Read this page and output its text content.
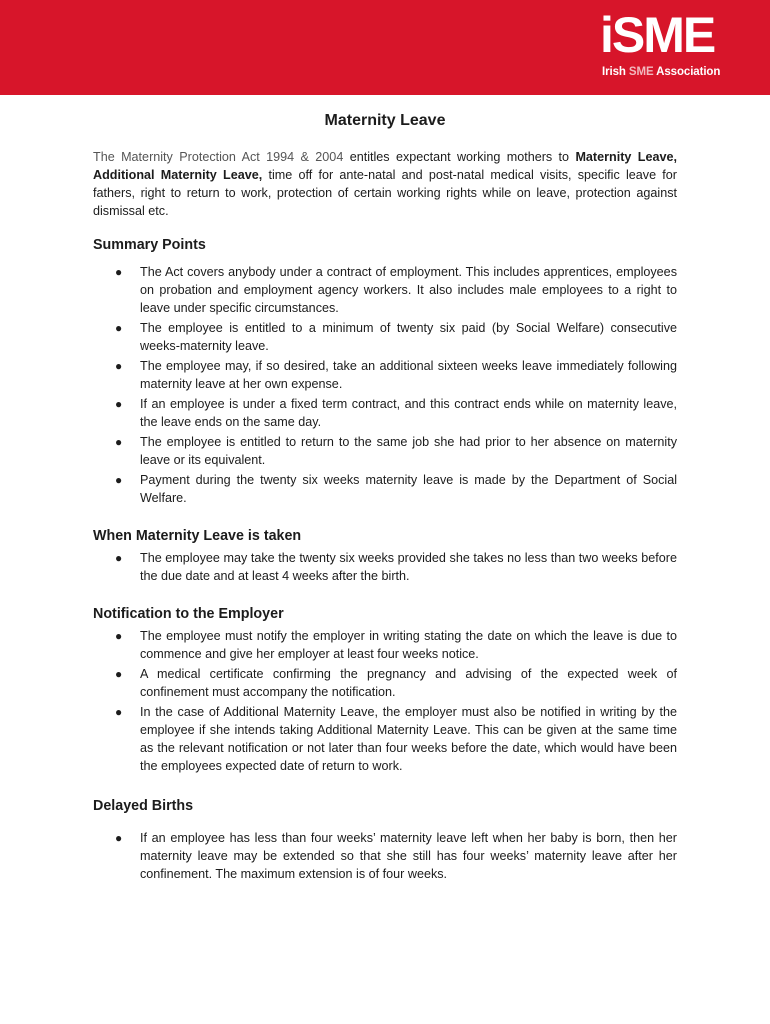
iSME
Irish SME Association
Maternity Leave

The Maternity Protection Act 1994 & 2004 entitles expectant working mothers to Maternity Leave, Additional Maternity Leave, time off for ante-natal and post-natal medical visits, specific leave for fathers, right to return to work, protection of certain working rights while on leave, protection against dismissal etc.

Summary Points
● The Act covers anybody under a contract of employment. This includes apprentices, employees on probation and employment agency workers. It also includes male employees to a right to leave under specific circumstances.
● The employee is entitled to a minimum of twenty six paid (by Social Welfare) consecutive weeks-maternity leave.
● The employee may, if so desired, take an additional sixteen weeks leave immediately following maternity leave at her own expense.
● If an employee is under a fixed term contract, and this contract ends while on maternity leave, the leave ends on the same day.
● The employee is entitled to return to the same job she had prior to her absence on maternity leave or its equivalent.
● Payment during the twenty six weeks maternity leave is made by the Department of Social Welfare.
When Maternity Leave is taken
● The employee may take the twenty six weeks provided she takes no less than two weeks before the due date and at least 4 weeks after the birth.
Notification to the Employer
● The employee must notify the employer in writing stating the date on which the leave is due to commence and give her employer at least four weeks notice.
● A medical certificate confirming the pregnancy and advising of the expected week of confinement must accompany the notification.
● In the case of Additional Maternity Leave, the employer must also be notified in writing by the employee if she intends taking Additional Maternity Leave. This can be given at the same time as the relevant notification or not later than four weeks before the date, which would have been the employees expected date of return to work.
Delayed Births
● If an employee has less than four weeks’ maternity leave left when her baby is born, then her maternity leave may be extended so that she still has four weeks’ maternity leave after her confinement. The maximum extension is of four weeks.
